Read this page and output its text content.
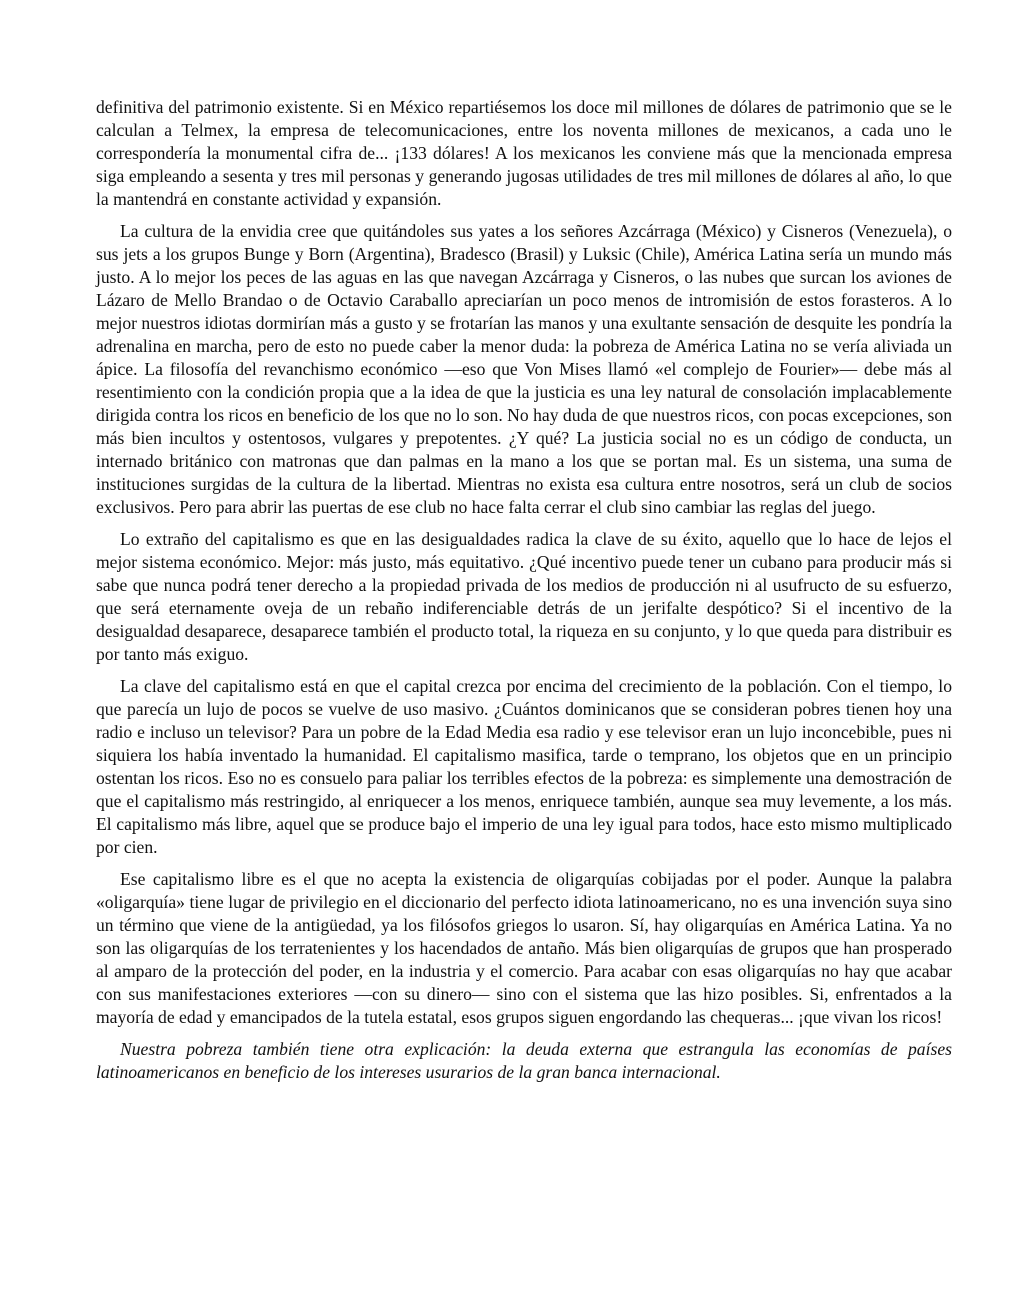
definitiva del patrimonio existente. Si en México repartiésemos los doce mil millones de dólares de patrimonio que se le calculan a Telmex, la empresa de telecomunicaciones, entre los noventa millones de mexicanos, a cada uno le correspondería la monumental cifra de... ¡133 dólares! A los mexicanos les conviene más que la mencionada empresa siga empleando a sesenta y tres mil personas y generando jugosas utilidades de tres mil millones de dólares al año, lo que la mantendrá en constante actividad y expansión.

La cultura de la envidia cree que quitándoles sus yates a los señores Azcárraga (México) y Cisneros (Venezuela), o sus jets a los grupos Bunge y Born (Argentina), Bradesco (Brasil) y Luksic (Chile), América Latina sería un mundo más justo. A lo mejor los peces de las aguas en las que navegan Azcárraga y Cisneros, o las nubes que surcan los aviones de Lázaro de Mello Brandao o de Octavio Caraballo apreciarían un poco menos de intromisión de estos forasteros. A lo mejor nuestros idiotas dormirían más a gusto y se frotarían las manos y una exultante sensación de desquite les pondría la adrenalina en marcha, pero de esto no puede caber la menor duda: la pobreza de América Latina no se vería aliviada un ápice. La filosofía del revanchismo económico —eso que Von Mises llamó «el complejo de Fourier»— debe más al resentimiento con la condición propia que a la idea de que la justicia es una ley natural de consolación implacablemente dirigida contra los ricos en beneficio de los que no lo son. No hay duda de que nuestros ricos, con pocas excepciones, son más bien incultos y ostentosos, vulgares y prepotentes. ¿Y qué? La justicia social no es un código de conducta, un internado británico con matronas que dan palmas en la mano a los que se portan mal. Es un sistema, una suma de instituciones surgidas de la cultura de la libertad. Mientras no exista esa cultura entre nosotros, será un club de socios exclusivos. Pero para abrir las puertas de ese club no hace falta cerrar el club sino cambiar las reglas del juego.

Lo extraño del capitalismo es que en las desigualdades radica la clave de su éxito, aquello que lo hace de lejos el mejor sistema económico. Mejor: más justo, más equitativo. ¿Qué incentivo puede tener un cubano para producir más si sabe que nunca podrá tener derecho a la propiedad privada de los medios de producción ni al usufructo de su esfuerzo, que será eternamente oveja de un rebaño indiferenciable detrás de un jerifalte despótico? Si el incentivo de la desigualdad desaparece, desaparece también el producto total, la riqueza en su conjunto, y lo que queda para distribuir es por tanto más exiguo.

La clave del capitalismo está en que el capital crezca por encima del crecimiento de la población. Con el tiempo, lo que parecía un lujo de pocos se vuelve de uso masivo. ¿Cuántos dominicanos que se consideran pobres tienen hoy una radio e incluso un televisor? Para un pobre de la Edad Media esa radio y ese televisor eran un lujo inconcebible, pues ni siquiera los había inventado la humanidad. El capitalismo masifica, tarde o temprano, los objetos que en un principio ostentan los ricos. Eso no es consuelo para paliar los terribles efectos de la pobreza: es simplemente una demostración de que el capitalismo más restringido, al enriquecer a los menos, enriquece también, aunque sea muy levemente, a los más. El capitalismo más libre, aquel que se produce bajo el imperio de una ley igual para todos, hace esto mismo multiplicado por cien.

Ese capitalismo libre es el que no acepta la existencia de oligarquías cobijadas por el poder. Aunque la palabra «oligarquía» tiene lugar de privilegio en el diccionario del perfecto idiota latinoamericano, no es una invención suya sino un término que viene de la antigüedad, ya los filósofos griegos lo usaron. Sí, hay oligarquías en América Latina. Ya no son las oligarquías de los terratenientes y los hacendados de antaño. Más bien oligarquías de grupos que han prosperado al amparo de la protección del poder, en la industria y el comercio. Para acabar con esas oligarquías no hay que acabar con sus manifestaciones exteriores —con su dinero— sino con el sistema que las hizo posibles. Si, enfrentados a la mayoría de edad y emancipados de la tutela estatal, esos grupos siguen engordando las chequeras... ¡que vivan los ricos!

Nuestra pobreza también tiene otra explicación: la deuda externa que estrangula las economías de países latinoamericanos en beneficio de los intereses usurarios de la gran banca internacional.
